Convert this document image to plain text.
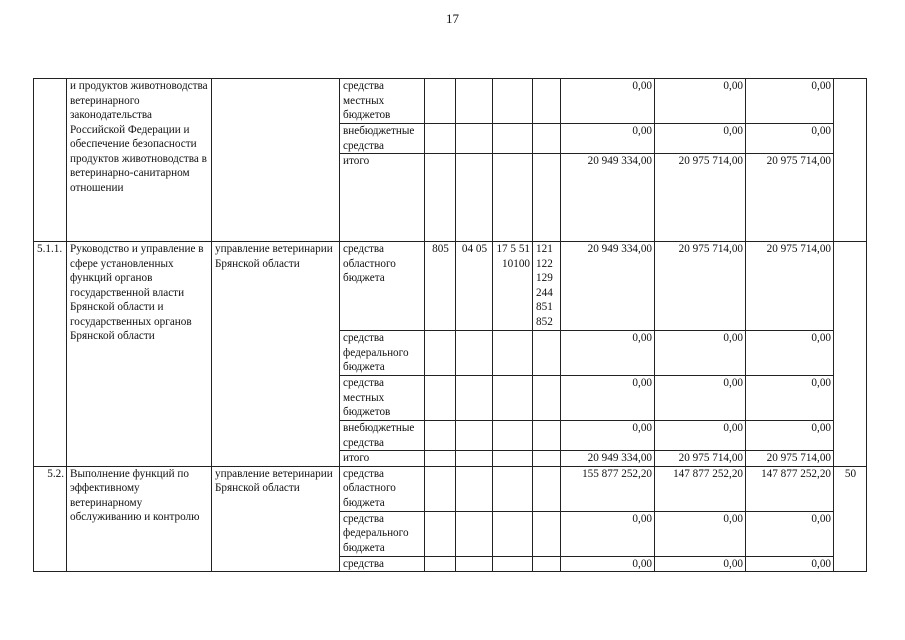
17
	и продуктов животноводства ветеринарного законодательства Российской Федерации и обеспечение безопасности продуктов животноводства в ветеринарно-санитарном отношении		средства местных бюджетов					0,00	0,00	0,00	
			внебюджетные средства					0,00	0,00	0,00	
			итого					20 949 334,00	20 975 714,00	20 975 714,00	
5.1.1.	Руководство и управление в сфере установленных функций органов государственной власти Брянской области и государственных органов Брянской области	управление ветеринарии Брянской области	средства областного бюджета	805	04 05	17 5 51 10100	121 122 129 244 851 852	20 949 334,00	20 975 714,00	20 975 714,00	
			средства федерального бюджета					0,00	0,00	0,00	
			средства местных бюджетов					0,00	0,00	0,00	
			внебюджетные средства					0,00	0,00	0,00	
			итого					20 949 334,00	20 975 714,00	20 975 714,00	
5.2.	Выполнение функций по эффективному ветеринарному обслуживанию и контролю	управление ветеринарии Брянской области	средства областного бюджета					155 877 252,20	147 877 252,20	147 877 252,20	50
			средства федерального бюджета					0,00	0,00	0,00	
			средства					0,00	0,00	0,00	
